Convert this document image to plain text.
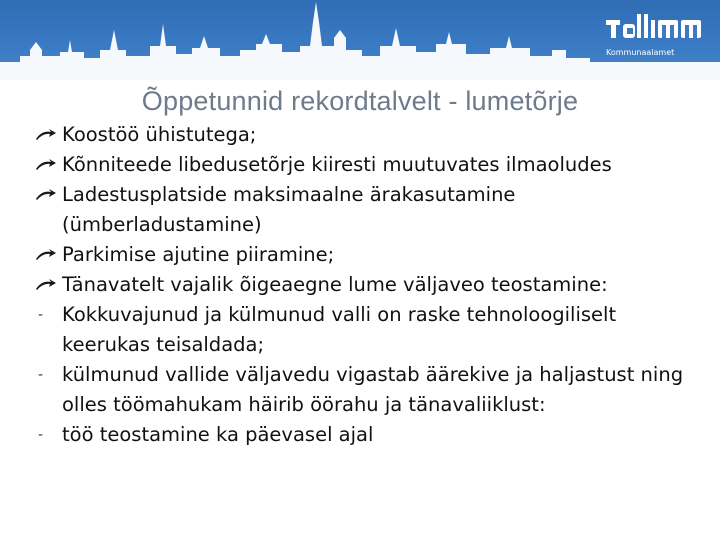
Kommunaalamet
Õppetunnid rekordtalvelt - lumetõrje
Koostöö ühistutega;
Kõnniteede libedusetõrje kiiresti muutuvates ilmaoludes
Ladestusplatside maksimaalne ärakasutamine
(ümberladustamine)
Parkimise ajutine piiramine;
Tänavatelt vajalik õigeaegne lume väljaveo teostamine:
- Kokkuvajunud ja külmunud valli on raske tehnoloogiliselt
keerukas teisaldada;
- külmunud vallide väljavedu vigastab äärekive ja haljastust ning
olles töömahukam häirib öörahu ja tänavaliiklust:
- töö teostamine ka päevasel ajal
